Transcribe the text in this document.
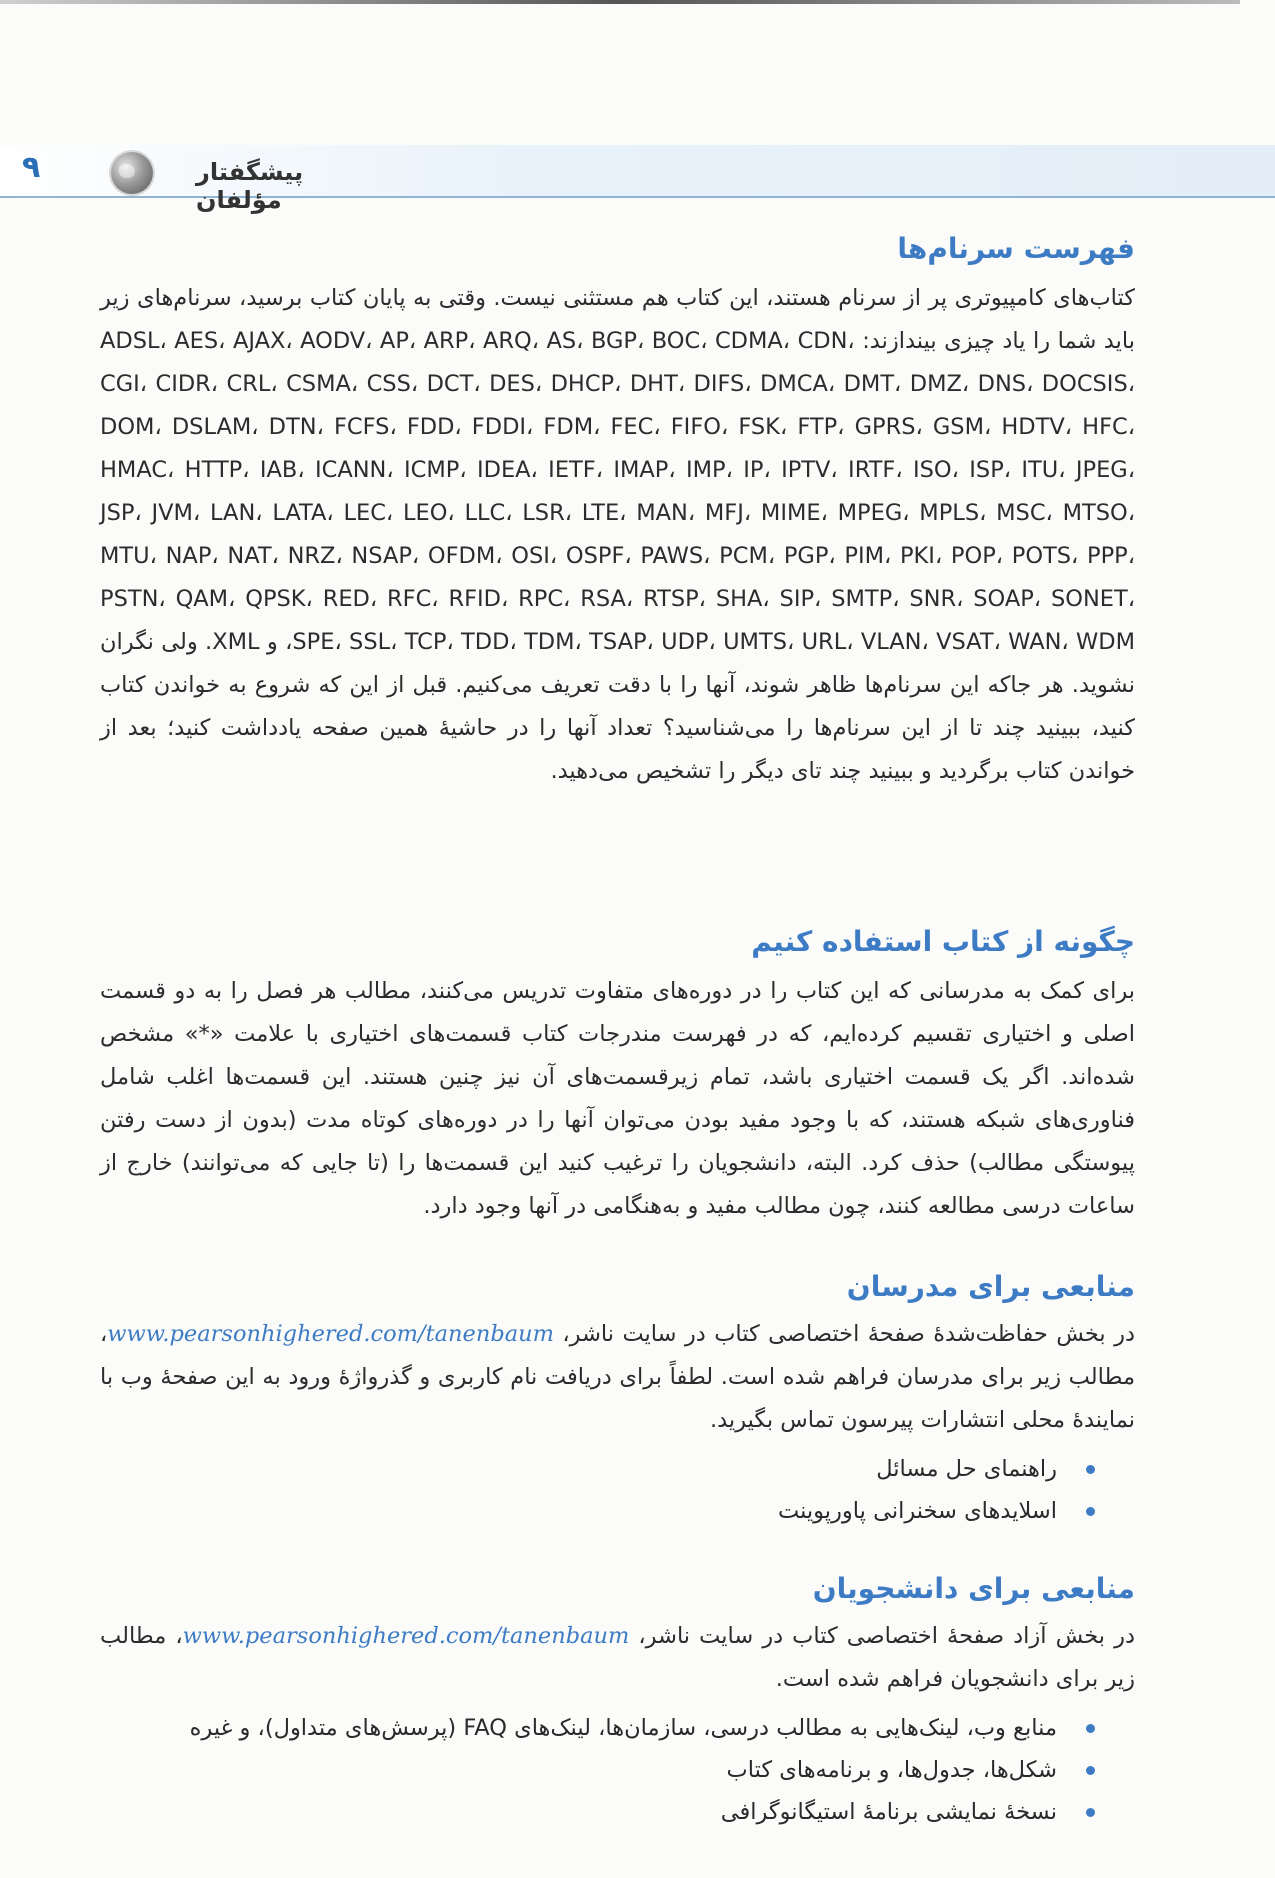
۹	پیشگفتار مؤلفان
فهرست سرنام‌ها

کتاب‌های کامپیوتری پر از سرنام هستند، این کتاب هم مستثنی نیست. وقتی به پایان کتاب برسید، سرنام‌های زیر باید شما را یاد چیزی بیندازند: ADSL، AES، AJAX، AODV، AP، ARP، ARQ، AS، BGP، BOC، CDMA، CDN، CGI، CIDR، CRL، CSMA، CSS، DCT، DES، DHCP، DHT، DIFS، DMCA، DMT، DMZ، DNS، DOCSIS، DOM، DSLAM، DTN، FCFS، FDD، FDDI، FDM، FEC، FIFO، FSK، FTP، GPRS، GSM، HDTV، HFC، HMAC، HTTP، IAB، ICANN، ICMP، IDEA، IETF، IMAP، IMP، IP، IPTV، IRTF، ISO، ISP، ITU، JPEG، JSP، JVM، LAN، LATA، LEC، LEO، LLC، LSR، LTE، MAN، MFJ، MIME، MPEG، MPLS، MSC، MTSO، MTU، NAP، NAT، NRZ، NSAP، OFDM، OSI، OSPF، PAWS، PCM، PGP، PIM، PKI، POP، POTS، PPP، PSTN، QAM، QPSK، RED، RFC، RFID، RPC، RSA، RTSP، SHA، SIP، SMTP، SNR، SOAP، SONET، SPE، SSL، TCP، TDD، TDM، TSAP، UDP، UMTS، URL، VLAN، VSAT، WAN، WDM، و XML. ولی نگران نشوید. هر جاکه این سرنام‌ها ظاهر شوند، آنها را با دقت تعریف می‌کنیم. قبل از این که شروع به خواندن کتاب کنید، ببینید چند تا از این سرنام‌ها را می‌شناسید؟ تعداد آنها را در حاشیهٔ همین صفحه یادداشت کنید؛ بعد از خواندن کتاب برگردید و ببینید چند تای دیگر را تشخیص می‌دهید.

چگونه از کتاب استفاده کنیم

برای کمک به مدرسانی که این کتاب را در دوره‌های متفاوت تدریس می‌کنند، مطالب هر فصل را به دو قسمت اصلی و اختیاری تقسیم کرده‌ایم، که در فهرست مندرجات کتاب قسمت‌های اختیاری با علامت «*» مشخص شده‌اند. اگر یک قسمت اختیاری باشد، تمام زیرقسمت‌های آن نیز چنین هستند. این قسمت‌ها اغلب شامل فناوری‌های شبکه هستند، که با وجود مفید بودن می‌توان آنها را در دوره‌های کوتاه مدت (بدون از دست رفتن پیوستگی مطالب) حذف کرد. البته، دانشجویان را ترغیب کنید این قسمت‌ها را (تا جایی که می‌توانند) خارج از ساعات درسی مطالعه کنند، چون مطالب مفید و به‌هنگامی در آنها وجود دارد.

منابعی برای مدرسان

در بخش حفاظت‌شدهٔ صفحهٔ اختصاصی کتاب در سایت ناشر، www.pearsonhighered.com/tanenbaum، مطالب زیر برای مدرسان فراهم شده است. لطفاً برای دریافت نام کاربری و گذرواژهٔ ورود به این صفحهٔ وب با نمایندهٔ محلی انتشارات پیرسون تماس بگیرید.

راهنمای حل مسائل
اسلایدهای سخنرانی پاورپوینت
منابعی برای دانشجویان

در بخش آزاد صفحهٔ اختصاصی کتاب در سایت ناشر، www.pearsonhighered.com/tanenbaum، مطالب زیر برای دانشجویان فراهم شده است.

منابع وب، لینک‌هایی به مطالب درسی، سازمان‌ها، لینک‌های FAQ (پرسش‌های متداول)، و غیره
شکل‌ها، جدول‌ها، و برنامه‌های کتاب
نسخهٔ نمایشی برنامهٔ استیگانوگرافی
